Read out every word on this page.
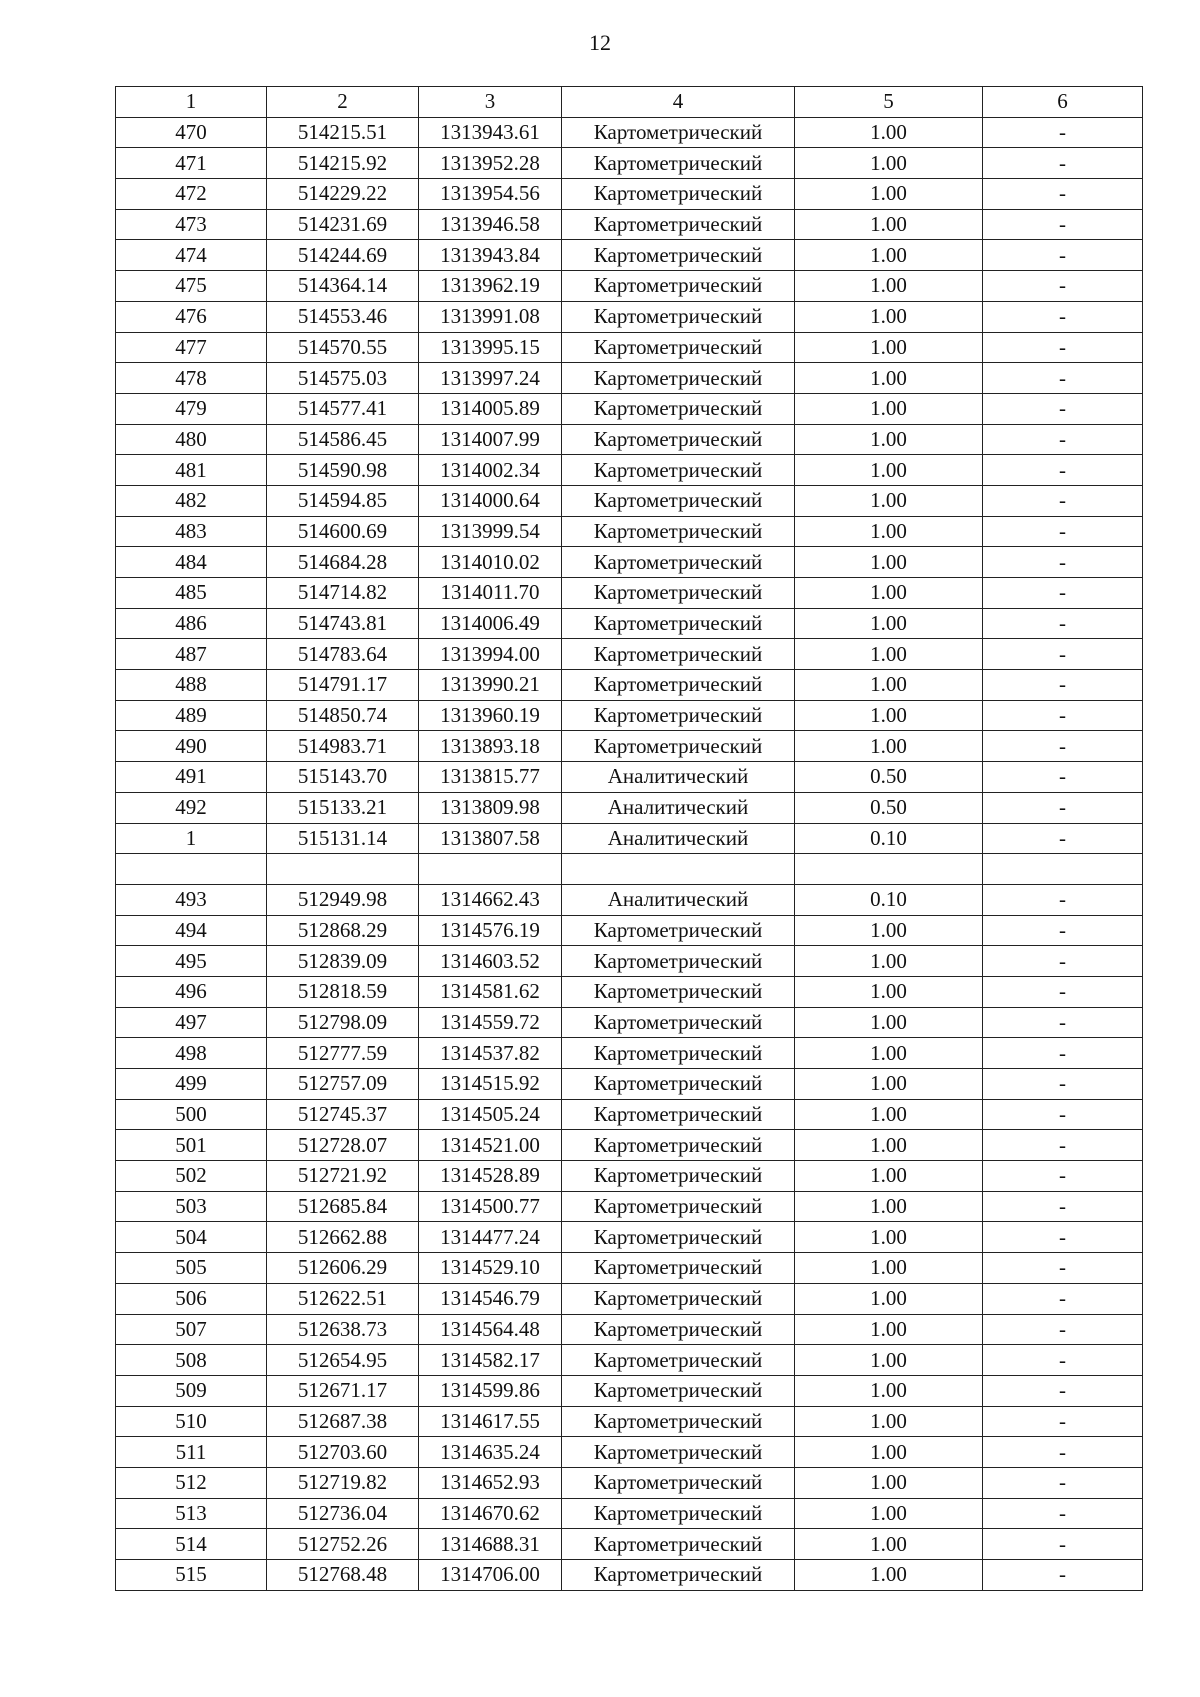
12
1	2	3	4	5	6
470	514215.51	1313943.61	Картометрический	1.00	-
471	514215.92	1313952.28	Картометрический	1.00	-
472	514229.22	1313954.56	Картометрический	1.00	-
473	514231.69	1313946.58	Картометрический	1.00	-
474	514244.69	1313943.84	Картометрический	1.00	-
475	514364.14	1313962.19	Картометрический	1.00	-
476	514553.46	1313991.08	Картометрический	1.00	-
477	514570.55	1313995.15	Картометрический	1.00	-
478	514575.03	1313997.24	Картометрический	1.00	-
479	514577.41	1314005.89	Картометрический	1.00	-
480	514586.45	1314007.99	Картометрический	1.00	-
481	514590.98	1314002.34	Картометрический	1.00	-
482	514594.85	1314000.64	Картометрический	1.00	-
483	514600.69	1313999.54	Картометрический	1.00	-
484	514684.28	1314010.02	Картометрический	1.00	-
485	514714.82	1314011.70	Картометрический	1.00	-
486	514743.81	1314006.49	Картометрический	1.00	-
487	514783.64	1313994.00	Картометрический	1.00	-
488	514791.17	1313990.21	Картометрический	1.00	-
489	514850.74	1313960.19	Картометрический	1.00	-
490	514983.71	1313893.18	Картометрический	1.00	-
491	515143.70	1313815.77	Аналитический	0.50	-
492	515133.21	1313809.98	Аналитический	0.50	-
1	515131.14	1313807.58	Аналитический	0.10	-

493	512949.98	1314662.43	Аналитический	0.10	-
494	512868.29	1314576.19	Картометрический	1.00	-
495	512839.09	1314603.52	Картометрический	1.00	-
496	512818.59	1314581.62	Картометрический	1.00	-
497	512798.09	1314559.72	Картометрический	1.00	-
498	512777.59	1314537.82	Картометрический	1.00	-
499	512757.09	1314515.92	Картометрический	1.00	-
500	512745.37	1314505.24	Картометрический	1.00	-
501	512728.07	1314521.00	Картометрический	1.00	-
502	512721.92	1314528.89	Картометрический	1.00	-
503	512685.84	1314500.77	Картометрический	1.00	-
504	512662.88	1314477.24	Картометрический	1.00	-
505	512606.29	1314529.10	Картометрический	1.00	-
506	512622.51	1314546.79	Картометрический	1.00	-
507	512638.73	1314564.48	Картометрический	1.00	-
508	512654.95	1314582.17	Картометрический	1.00	-
509	512671.17	1314599.86	Картометрический	1.00	-
510	512687.38	1314617.55	Картометрический	1.00	-
511	512703.60	1314635.24	Картометрический	1.00	-
512	512719.82	1314652.93	Картометрический	1.00	-
513	512736.04	1314670.62	Картометрический	1.00	-
514	512752.26	1314688.31	Картометрический	1.00	-
515	512768.48	1314706.00	Картометрический	1.00	-
